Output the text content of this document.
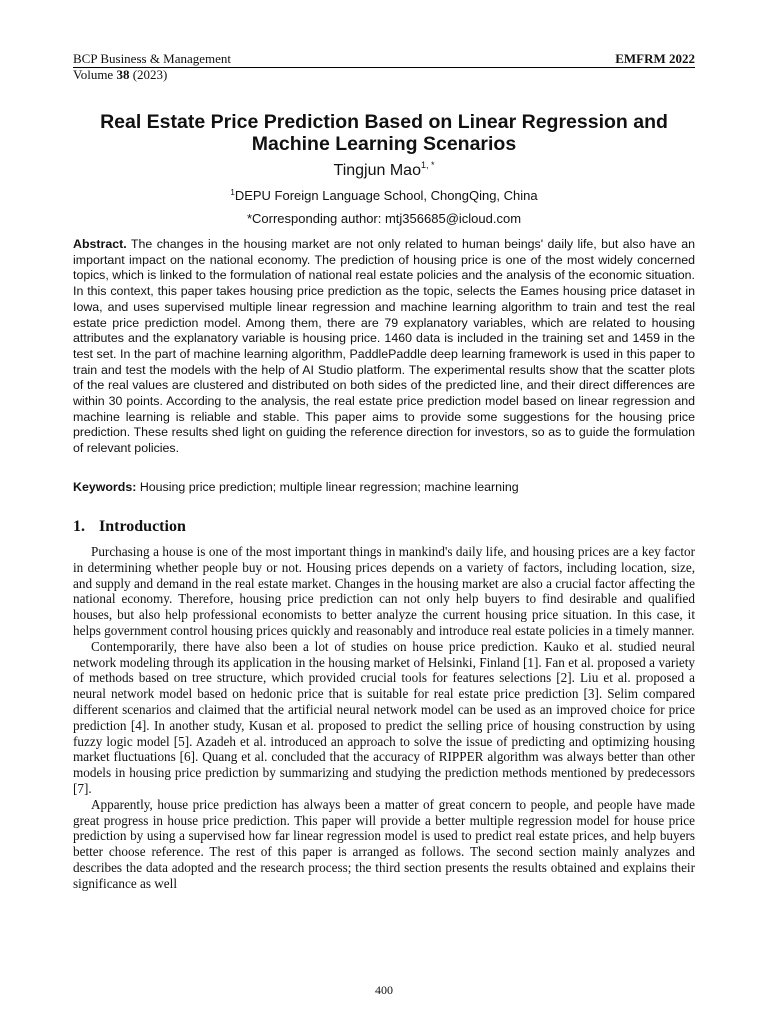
BCP Business & Management	EMFRM 2022
Volume 38 (2023)
Real Estate Price Prediction Based on Linear Regression and Machine Learning Scenarios
Tingjun Mao$^{1, *}$
$^1$DEPU Foreign Language School, ChongQing, China
*Corresponding author: mtj356685@icloud.com

Abstract. The changes in the housing market are not only related to human beings' daily life, but also have an important impact on the national economy. The prediction of housing price is one of the most widely concerned topics, which is linked to the formulation of national real estate policies and the analysis of the economic situation. In this context, this paper takes housing price prediction as the topic, selects the Eames housing price dataset in Iowa, and uses supervised multiple linear regression and machine learning algorithm to train and test the real estate price prediction model. Among them, there are 79 explanatory variables, which are related to housing attributes and the explanatory variable is housing price. 1460 data is included in the training set and 1459 in the test set. In the part of machine learning algorithm, PaddlePaddle deep learning framework is used in this paper to train and test the models with the help of AI Studio platform. The experimental results show that the scatter plots of the real values are clustered and distributed on both sides of the predicted line, and their direct differences are within 30 points. According to the analysis, the real estate price prediction model based on linear regression and machine learning is reliable and stable. This paper aims to provide some suggestions for the housing price prediction. These results shed light on guiding the reference direction for investors, so as to guide the formulation of relevant policies.

Keywords: Housing price prediction; multiple linear regression; machine learning

1. Introduction

Purchasing a house is one of the most important things in mankind's daily life, and housing prices are a key factor in determining whether people buy or not. Housing prices depends on a variety of factors, including location, size, and supply and demand in the real estate market. Changes in the housing market are also a crucial factor affecting the national economy. Therefore, housing price prediction can not only help buyers to find desirable and qualified houses, but also help professional economists to better analyze the current housing price situation. In this case, it helps government control housing prices quickly and reasonably and introduce real estate policies in a timely manner.

Contemporarily, there have also been a lot of studies on house price prediction. Kauko et al. studied neural network modeling through its application in the housing market of Helsinki, Finland [1]. Fan et al. proposed a variety of methods based on tree structure, which provided crucial tools for features selections [2]. Liu et al. proposed a neural network model based on hedonic price that is suitable for real estate price prediction [3]. Selim compared different scenarios and claimed that the artificial neural network model can be used as an improved choice for price prediction [4]. In another study, Kusan et al. proposed to predict the selling price of housing construction by using fuzzy logic model [5]. Azadeh et al. introduced an approach to solve the issue of predicting and optimizing housing market fluctuations [6]. Quang et al. concluded that the accuracy of RIPPER algorithm was always better than other models in housing price prediction by summarizing and studying the prediction methods mentioned by predecessors [7].

Apparently, house price prediction has always been a matter of great concern to people, and people have made great progress in house price prediction. This paper will provide a better multiple regression model for house price prediction by using a supervised how far linear regression model is used to predict real estate prices, and help buyers better choose reference. The rest of this paper is arranged as follows. The second section mainly analyzes and describes the data adopted and the research process; the third section presents the results obtained and explains their significance as well

400
